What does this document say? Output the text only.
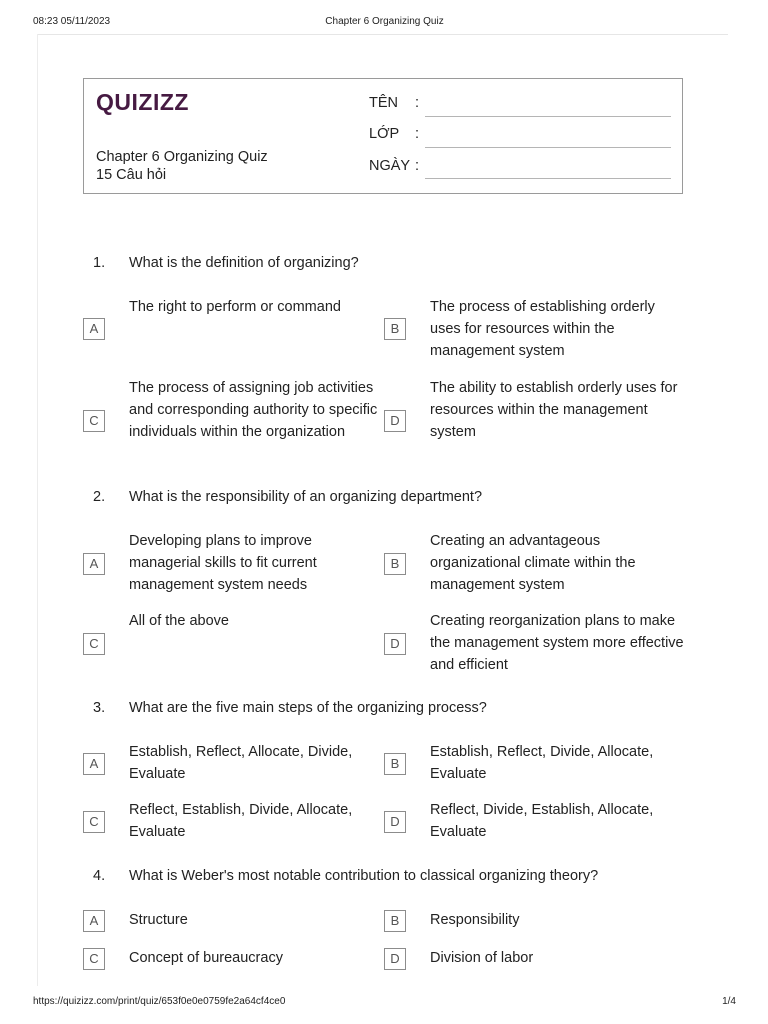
08:23 05/11/2023	Chapter 6 Organizing Quiz
QUIZIZZ
Chapter 6 Organizing Quiz
15 Câu hỏi
TÊN :
LỚP :
NGÀY :
1. What is the definition of organizing?
A
The right to perform or command
B
The process of establishing orderly uses for resources within the management system
C
The process of assigning job activities and corresponding authority to specific individuals within the organization
D
The ability to establish orderly uses for resources within the management system
2. What is the responsibility of an organizing department?
A
Developing plans to improve managerial skills to fit current management system needs
B
Creating an advantageous organizational climate within the management system
C
All of the above
D
Creating reorganization plans to make the management system more effective and efficient
3. What are the five main steps of the organizing process?
A
Establish, Reflect, Allocate, Divide, Evaluate
B
Establish, Reflect, Divide, Allocate, Evaluate
C
Reflect, Establish, Divide, Allocate, Evaluate
D
Reflect, Divide, Establish, Allocate, Evaluate
4. What is Weber's most notable contribution to classical organizing theory?
A	Structure	B	Responsibility
C	Concept of bureaucracy	D	Division of labor
https://quizizz.com/print/quiz/653f0e0e0759fe2a64cf4ce0	1/4
